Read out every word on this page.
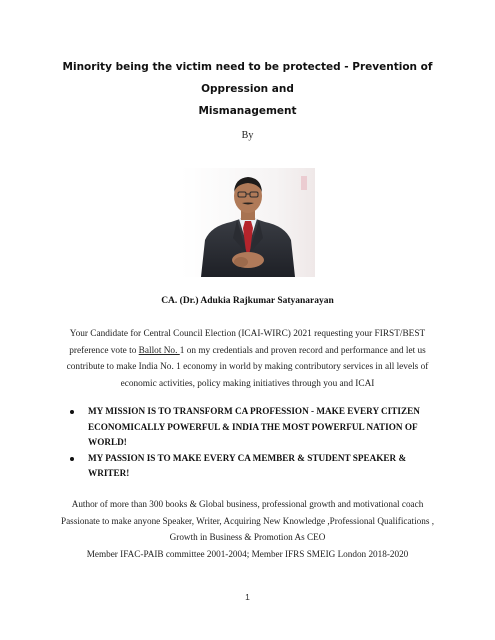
Minority being the victim need to be protected - Prevention of Oppression and
Mismanagement
By
CA. (Dr.) Adukia Rajkumar Satyanarayan
Your Candidate for Central Council Election (ICAI-WIRC) 2021 requesting your FIRST/BEST
preference vote to Ballot No. 1 on my credentials and proven record and performance and let us
contribute to make India No. 1 economy in world by making contributory services in all levels of
economic activities, policy making initiatives through you and ICAI
MY MISSION IS TO TRANSFORM CA PROFESSION - MAKE EVERY CITIZEN
ECONOMICALLY POWERFUL & INDIA THE MOST POWERFUL NATION OF
WORLD!
MY PASSION IS TO MAKE EVERY CA MEMBER & STUDENT SPEAKER &
WRITER!
Author of more than 300 books & Global business, professional growth and motivational coach
Passionate to make anyone Speaker, Writer, Acquiring New Knowledge ,Professional Qualifications ,
Growth in Business & Promotion As CEO
Member IFAC-PAIB committee 2001-2004; Member IFRS SMEIG London 2018-2020
1
